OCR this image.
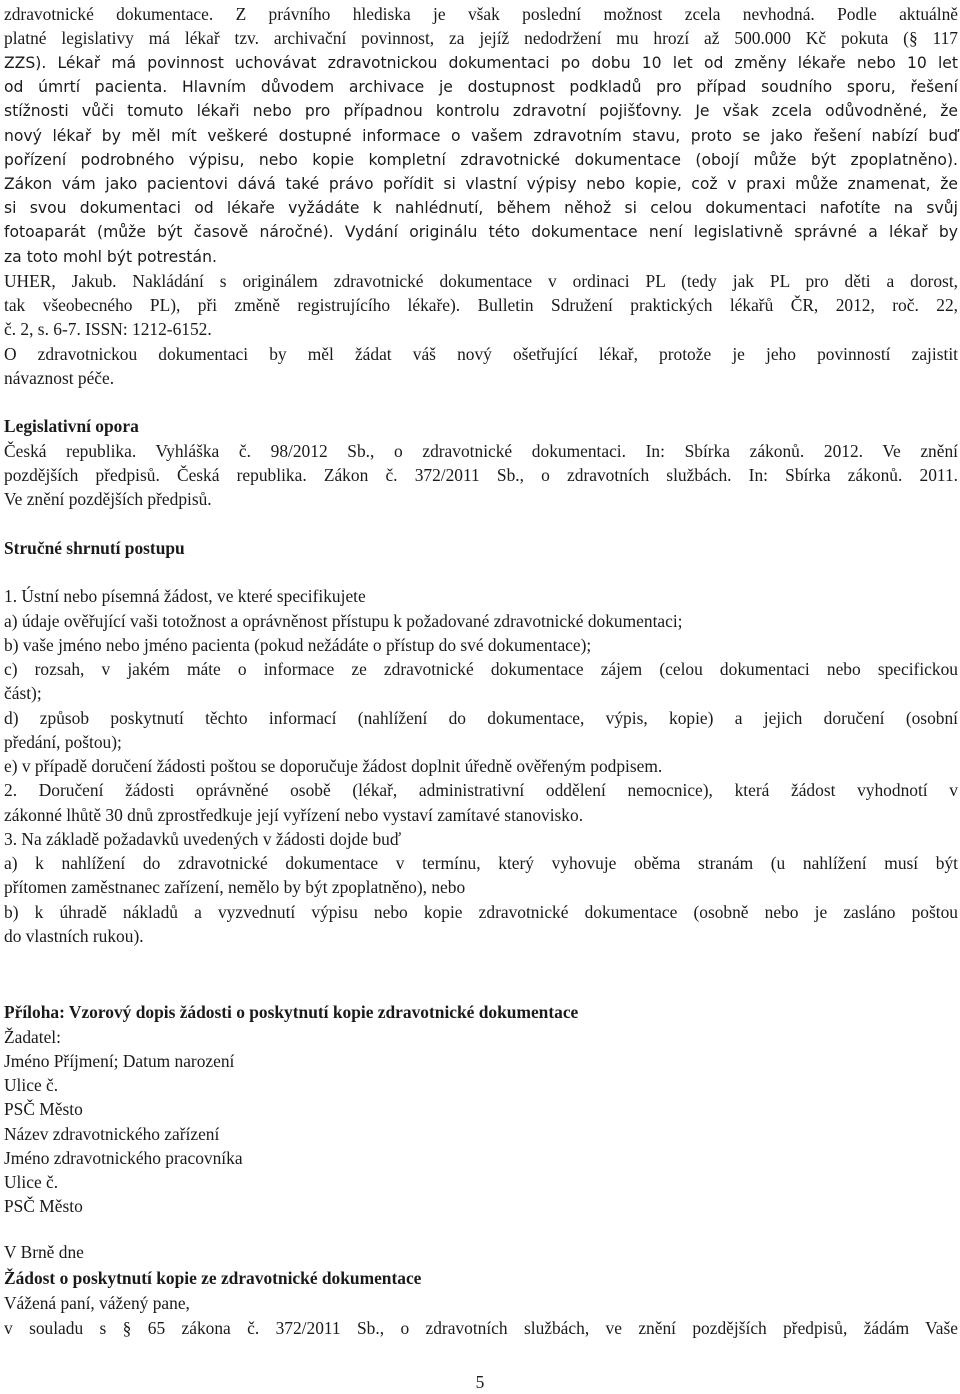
zdravotnické dokumentace. Z právního hlediska je však poslední možnost zcela nevhodná. Podle aktuálně
platné legislativy má lékař tzv. archivační povinnost, za jejíž nedodržení mu hrozí až 500.000 Kč pokuta (§ 117
ZZS). Lékař má povinnost uchovávat zdravotnickou dokumentaci po dobu 10 let od změny lékaře nebo 10 let
od úmrtí pacienta. Hlavním důvodem archivace je dostupnost podkladů pro případ soudního sporu, řešení
stížnosti vůči tomuto lékaři nebo pro případnou kontrolu zdravotní pojišťovny. Je však zcela odůvodněné, že
nový lékař by měl mít veškeré dostupné informace o vašem zdravotním stavu, proto se jako řešení nabízí buď
pořízení podrobného výpisu, nebo kopie kompletní zdravotnické dokumentace (obojí může být zpoplatněno).
Zákon vám jako pacientovi dává také právo pořídit si vlastní výpisy nebo kopie, což v praxi může znamenat, že
si svou dokumentaci od lékaře vyžádáte k nahlédnutí, během něhož si celou dokumentaci nafotíte na svůj
fotoaparát (může být časově náročné). Vydání originálu této dokumentace není legislativně správné a lékař by
za toto mohl být potrestán.
UHER, Jakub. Nakládání s originálem zdravotnické dokumentace v ordinaci PL (tedy jak PL pro děti a dorost,
tak všeobecného PL), při změně registrujícího lékaře). Bulletin Sdružení praktických lékařů ČR, 2012, roč. 22,
č. 2, s. 6-7. ISSN: 1212-6152.
O zdravotnickou dokumentaci by měl žádat váš nový ošetřující lékař, protože je jeho povinností zajistit
návaznost péče.
Legislativní opora
Česká republika. Vyhláška č. 98/2012 Sb., o zdravotnické dokumentaci. In: Sbírka zákonů. 2012. Ve znění
pozdějších předpisů. Česká republika. Zákon č. 372/2011 Sb., o zdravotních službách. In: Sbírka zákonů. 2011.
Ve znění pozdějších předpisů.
Stručné shrnutí postupu
1. Ústní nebo písemná žádost, ve které specifikujete
a) údaje ověřující vaši totožnost a oprávněnost přístupu k požadované zdravotnické dokumentaci;
b) vaše jméno nebo jméno pacienta (pokud nežádáte o přístup do své dokumentace);
c) rozsah, v jakém máte o informace ze zdravotnické dokumentace zájem (celou dokumentaci nebo specifickou
část);
d) způsob poskytnutí těchto informací (nahlížení do dokumentace, výpis, kopie) a jejich doručení (osobní
předání, poštou);
e) v případě doručení žádosti poštou se doporučuje žádost doplnit úředně ověřeným podpisem.
2. Doručení žádosti oprávněné osobě (lékař, administrativní oddělení nemocnice), která žádost vyhodnotí v
zákonné lhůtě 30 dnů zprostředkuje její vyřízení nebo vystaví zamítavé stanovisko.
3. Na základě požadavků uvedených v žádosti dojde buď
a) k nahlížení do zdravotnické dokumentace v termínu, který vyhovuje oběma stranám (u nahlížení musí být
přítomen zaměstnanec zařízení, nemělo by být zpoplatněno), nebo
b) k úhradě nákladů a vyzvednutí výpisu nebo kopie zdravotnické dokumentace (osobně nebo je zasláno poštou
do vlastních rukou).
Příloha: Vzorový dopis žádosti o poskytnutí kopie zdravotnické dokumentace
Žadatel:
Jméno Příjmení; Datum narození
Ulice č.
PSČ Město
Název zdravotnického zařízení
Jméno zdravotnického pracovníka
Ulice č.
PSČ Město
V Brně dne
Žádost o poskytnutí kopie ze zdravotnické dokumentace
Vážená paní, vážený pane,
v souladu s § 65 zákona č. 372/2011 Sb., o zdravotních službách, ve znění pozdějších předpisů, žádám Vaše
5
